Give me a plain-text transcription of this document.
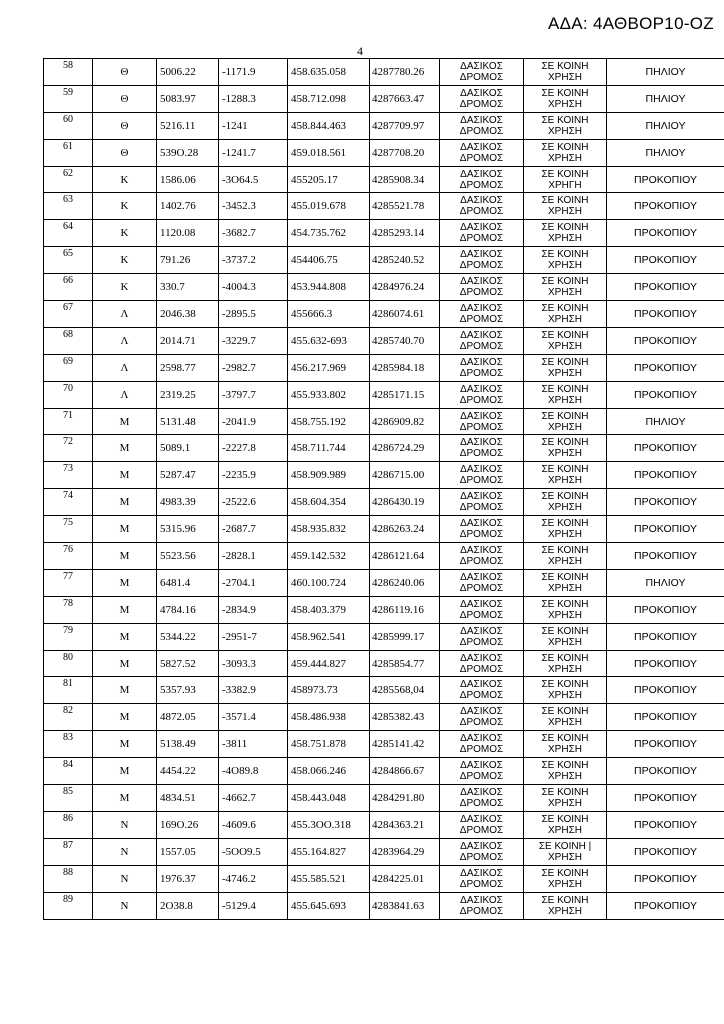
ΑΔΑ: 4ΑΘΒΟΡ10-ΟΖ
4
58	Θ	5006.22	-1171.9	458.635.058	4287780.26	ΔΑΣΙΚΟΣ ΔΡΟΜΟΣ	ΣΕ ΚΟΙΝΗ ΧΡΗΣΗ	ΠΗΛΙΟΥ
59	Θ	5083.97	-1288.3	458.712.098	4287663.47	ΔΑΣΙΚΟΣ ΔΡΟΜΟΣ	ΣΕ ΚΟΙΝΗ ΧΡΗΣΗ	ΠΗΛΙΟΥ
60	Θ	5216.11	-1241	458.844.463	4287709.97	ΔΑΣΙΚΟΣ ΔΡΟΜΟΣ	ΣΕ ΚΟΙΝΗ ΧΡΗΣΗ	ΠΗΛΙΟΥ
61	Θ	539Ο.28	-1241.7	459.018.561	4287708.20	ΔΑΣΙΚΟΣ ΔΡΟΜΟΣ	ΣΕ ΚΟΙΝΗ ΧΡΗΣΗ	ΠΗΛΙΟΥ
62	Κ	1586.06	-3Ο64.5	455205.17	4285908.34	ΔΑΣΙΚΟΣ ΔΡΟΜΟΣ	ΣΕ ΚΟΙΝΗ ΧΡΗΓΗ	ΠΡΟΚΟΠΙΟΥ
63	Κ	1402.76	-3452.3	455.019.678	4285521.78	ΔΑΣΙΚΟΣ ΔΡΟΜΟΣ	ΣΕ ΚΟΙΝΗ ΧΡΗΣΗ	ΠΡΟΚΟΠΙΟΥ
64	Κ	1120.08	-3682.7	454.735.762	4285293.14	ΔΑΣΙΚΟΣ ΔΡΟΜΟΣ	ΣΕ ΚΟΙΝΗ ΧΡΗΣΗ	ΠΡΟΚΟΠΙΟΥ
65	Κ	791.26	-3737.2	454406.75	4285240.52	ΔΑΣΙΚΟΣ ΔΡΟΜΟΣ	ΣΕ ΚΟΙΝΗ ΧΡΗΣΗ	ΠΡΟΚΟΠΙΟΥ
66	Κ	330.7	-4004.3	453.944.808	4284976.24	ΔΑΣΙΚΟΣ ΔΡΟΜΟΣ	ΣΕ ΚΟΙΝΗ ΧΡΗΣΗ	ΠΡΟΚΟΠΙΟΥ
67	Λ	2046.38	-2895.5	455666.3	4286074.61	ΔΑΣΙΚΟΣ ΔΡΟΜΟΣ	ΣΕ ΚΟΙΝΗ ΧΡΗΣΗ	ΠΡΟΚΟΠΙΟΥ
68	Λ	2014.71	-3229.7	455.632-693	4285740.70	ΔΑΣΙΚΟΣ ΔΡΟΜΟΣ	ΣΕ ΚΟΙΝΗ ΧΡΗΣΗ	ΠΡΟΚΟΠΙΟΥ
69	Λ	2598.77	-2982.7	456.217.969	4285984.18	ΔΑΣΙΚΟΣ ΔΡΟΜΟΣ	ΣΕ ΚΟΙΝΗ ΧΡΗΣΗ	ΠΡΟΚΟΠΙΟΥ
70	Λ	2319.25	-3797.7	455.933.802	4285171.15	ΔΑΣΙΚΟΣ ΔΡΟΜΟΣ	ΣΕ ΚΟΙΝΗ ΧΡΗΣΗ	ΠΡΟΚΟΠΙΟΥ
71	Μ	5131.48	-2041.9	458.755.192	4286909.82	ΔΑΣΙΚΟΣ ΔΡΟΜΟΣ	ΣΕ ΚΟΙΝΗ ΧΡΗΣΗ	ΠΗΛΙΟΥ
72	Μ	5089.1	-2227.8	458.711.744	4286724.29	ΔΑΣΙΚΟΣ ΔΡΟΜΟΣ	ΣΕ ΚΟΙΝΗ ΧΡΗΣΗ	ΠΡΟΚΟΠΙΟΥ
73	Μ	5287.47	-2235.9	458.909.989	4286715.00	ΔΑΣΙΚΟΣ ΔΡΟΜΟΣ	ΣΕ ΚΟΙΝΗ ΧΡΗΣΗ	ΠΡΟΚΟΠΙΟΥ
74	Μ	4983.39	-2522.6	458.604.354	4286430.19	ΔΑΣΙΚΟΣ ΔΡΟΜΟΣ	ΣΕ ΚΟΙΝΗ ΧΡΗΣΗ	ΠΡΟΚΟΠΙΟΥ
75	Μ	5315.96	-2687.7	458.935.832	4286263.24	ΔΑΣΙΚΟΣ ΔΡΟΜΟΣ	ΣΕ ΚΟΙΝΗ ΧΡΗΣΗ	ΠΡΟΚΟΠΙΟΥ
76	Μ	5523.56	-2828.1	459.142.532	4286121.64	ΔΑΣΙΚΟΣ ΔΡΟΜΟΣ	ΣΕ ΚΟΙΝΗ ΧΡΗΣΗ	ΠΡΟΚΟΠΙΟΥ
77	Μ	6481.4	-2704.1	460.100.724	4286240.06	ΔΑΣΙΚΟΣ ΔΡΟΜΟΣ	ΣΕ ΚΟΙΝΗ ΧΡΗΣΗ	ΠΗΛΙΟΥ
78	Μ	4784.16	-2834.9	458.403.379	4286119.16	ΔΑΣΙΚΟΣ ΔΡΟΜΟΣ	ΣΕ ΚΟΙΝΗ ΧΡΗΣΗ	ΠΡΟΚΟΠΙΟΥ
79	Μ	5344.22	-2951-7	458.962.541	4285999.17	ΔΑΣΙΚΟΣ ΔΡΟΜΟΣ	ΣΕ ΚΟΙΝΗ ΧΡΗΣΗ	ΠΡΟΚΟΠΙΟΥ
80	Μ	5827.52	-3093.3	459.444.827	4285854.77	ΔΑΣΙΚΟΣ ΔΡΟΜΟΣ	ΣΕ ΚΟΙΝΗ ΧΡΗΣΗ	ΠΡΟΚΟΠΙΟΥ
81	Μ	5357.93	-3382.9	458973.73	4285568,04	ΔΑΣΙΚΟΣ ΔΡΟΜΟΣ	ΣΕ ΚΟΙΝΗ ΧΡΗΣΗ	ΠΡΟΚΟΠΙΟΥ
82	Μ	4872.05	-3571.4	458.486.938	4285382.43	ΔΑΣΙΚΟΣ ΔΡΟΜΟΣ	ΣΕ ΚΟΙΝΗ ΧΡΗΣΗ	ΠΡΟΚΟΠΙΟΥ
83	Μ	5138.49	-3811	458.751.878	4285141.42	ΔΑΣΙΚΟΣ ΔΡΟΜΟΣ	ΣΕ ΚΟΙΝΗ ΧΡΗΣΗ	ΠΡΟΚΟΠΙΟΥ
84	Μ	4454.22	-4Ο89.8	458.066.246	4284866.67	ΔΑΣΙΚΟΣ ΔΡΟΜΟΣ	ΣΕ ΚΟΙΝΗ ΧΡΗΣΗ	ΠΡΟΚΟΠΙΟΥ
85	Μ	4834.51	-4662.7	458.443.048	4284291.80	ΔΑΣΙΚΟΣ ΔΡΟΜΟΣ	ΣΕ ΚΟΙΝΗ ΧΡΗΣΗ	ΠΡΟΚΟΠΙΟΥ
86	Ν	169Ο.26	-4609.6	455.3ΟΟ.318	4284363.21	ΔΑΣΙΚΟΣ ΔΡΟΜΟΣ	ΣΕ ΚΟΙΝΗ ΧΡΗΣΗ	ΠΡΟΚΟΠΙΟΥ
87	Ν	1557.05	-5ΟΟ9.5	455.164.827	4283964.29	ΔΑΣΙΚΟΣ ΔΡΟΜΟΣ	ΣΕ ΚΟΙΝΗ |ΧΡΗΣΗ	ΠΡΟΚΟΠΙΟΥ
88	Ν	1976.37	-4746.2	455.585.521	4284225.01	ΔΑΣΙΚΟΣ ΔΡΟΜΟΣ	ΣΕ ΚΟΙΝΗ ΧΡΗΣΗ	ΠΡΟΚΟΠΙΟΥ
89	Ν	2Ο38.8	-5129.4	455.645.693	4283841.63	ΔΑΣΙΚΟΣ ΔΡΟΜΟΣ	ΣΕ ΚΟΙΝΗ ΧΡΗΣΗ	ΠΡΟΚΟΠΙΟΥ
